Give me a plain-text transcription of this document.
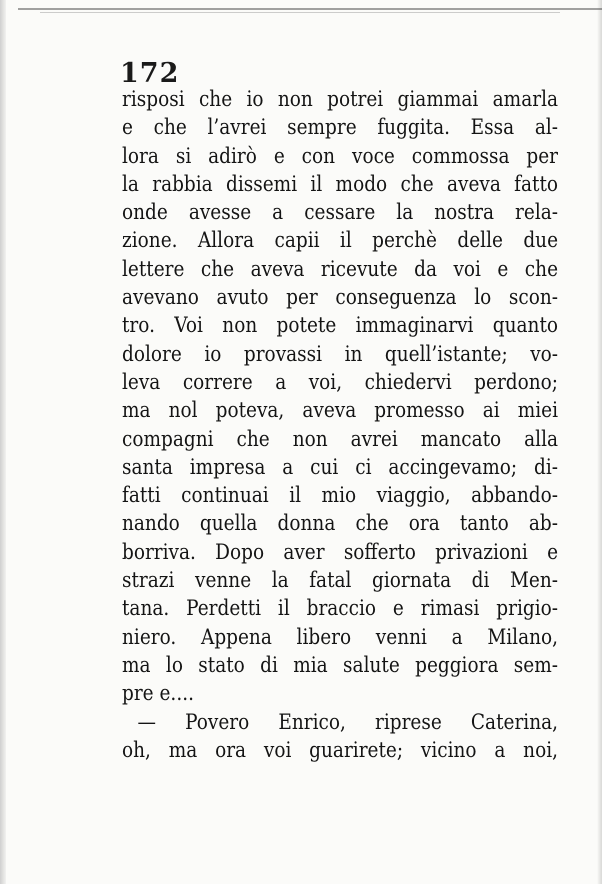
172
risposi che io non potrei giammai amarla
e che l’avrei sempre fuggita. Essa al-
lora si adirò e con voce commossa per
la rabbia dissemi il modo che aveva fatto
onde avesse a cessare la nostra rela-
zione. Allora capii il perchè delle due
lettere che aveva ricevute da voi e che
avevano avuto per conseguenza lo scon-
tro. Voi non potete immaginarvi quanto
dolore io provassi in quell’istante; vo-
leva correre a voi, chiedervi perdono;
ma nol poteva, aveva promesso ai miei
compagni che non avrei mancato alla
santa impresa a cui ci accingevamo; di-
fatti continuai il mio viaggio, abbando-
nando quella donna che ora tanto ab-
borriva. Dopo aver sofferto privazioni e
strazi venne la fatal giornata di Men-
tana. Perdetti il braccio e rimasi prigio-
niero. Appena libero venni a Milano,
ma lo stato di mia salute peggiora sem-
pre e....
— Povero Enrico, riprese Caterina,
oh, ma ora voi guarirete; vicino a noi,
